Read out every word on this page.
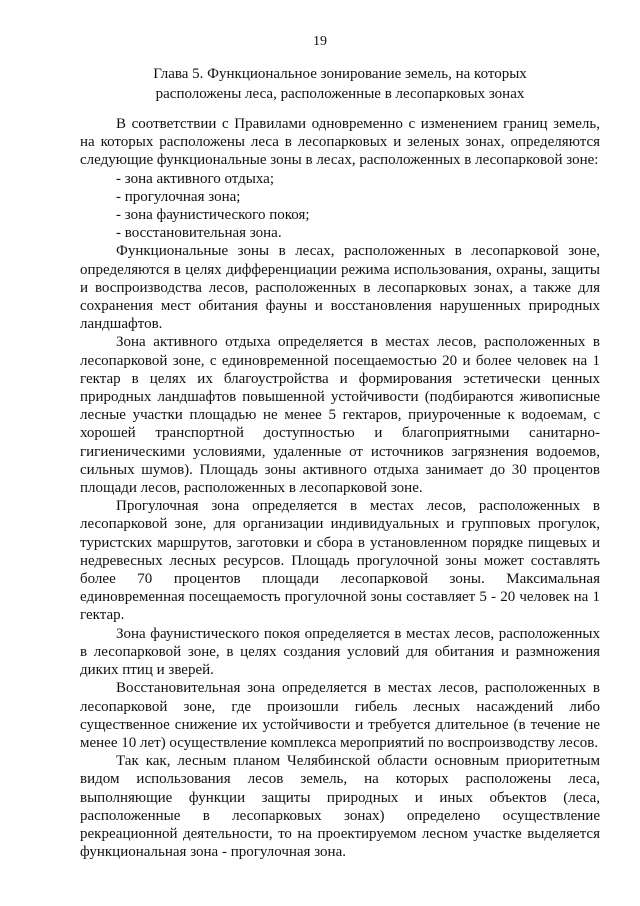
19
Глава 5. Функциональное зонирование земель, на которых
расположены леса, расположенные в лесопарковых зонах

В соответствии с Правилами одновременно с изменением границ земель, на которых расположены леса в лесопарковых и зеленых зонах, определяются следующие функциональные зоны в лесах, расположенных в лесопарковой зоне:

- зона активного отдыха;
- прогулочная зона;
- зона фаунистического покоя;
- восстановительная зона.

Функциональные зоны в лесах, расположенных в лесопарковой зоне, определяются в целях дифференциации режима использования, охраны, защиты и воспроизводства лесов, расположенных в лесопарковых зонах, а также для сохранения мест обитания фауны и восстановления нарушенных природных ландшафтов.

Зона активного отдыха определяется в местах лесов, расположенных в лесопарковой зоне, с единовременной посещаемостью 20 и более человек на 1 гектар в целях их благоустройства и формирования эстетически ценных природных ландшафтов повышенной устойчивости (подбираются живописные лесные участки площадью не менее 5 гектаров, приуроченные к водоемам, с хорошей транспортной доступностью и благоприятными санитарно-гигиеническими условиями, удаленные от источников загрязнения водоемов, сильных шумов). Площадь зоны активного отдыха занимает до 30 процентов площади лесов, расположенных в лесопарковой зоне.

Прогулочная зона определяется в местах лесов, расположенных в лесопарковой зоне, для организации индивидуальных и групповых прогулок, туристских маршрутов, заготовки и сбора в установленном порядке пищевых и недревесных лесных ресурсов. Площадь прогулочной зоны может составлять более 70 процентов площади лесопарковой зоны. Максимальная единовременная посещаемость прогулочной зоны составляет 5 - 20 человек на 1 гектар.

Зона фаунистического покоя определяется в местах лесов, расположенных в лесопарковой зоне, в целях создания условий для обитания и размножения диких птиц и зверей.

Восстановительная зона определяется в местах лесов, расположенных в лесопарковой зоне, где произошли гибель лесных насаждений либо существенное снижение их устойчивости и требуется длительное (в течение не менее 10 лет) осуществление комплекса мероприятий по воспроизводству лесов.

Так как, лесным планом Челябинской области основным приоритетным видом использования лесов земель, на которых расположены леса, выполняющие функции защиты природных и иных объектов (леса, расположенные в лесопарковых зонах) определено осуществление рекреационной деятельности, то на проектируемом лесном участке выделяется функциональная зона - прогулочная зона.
